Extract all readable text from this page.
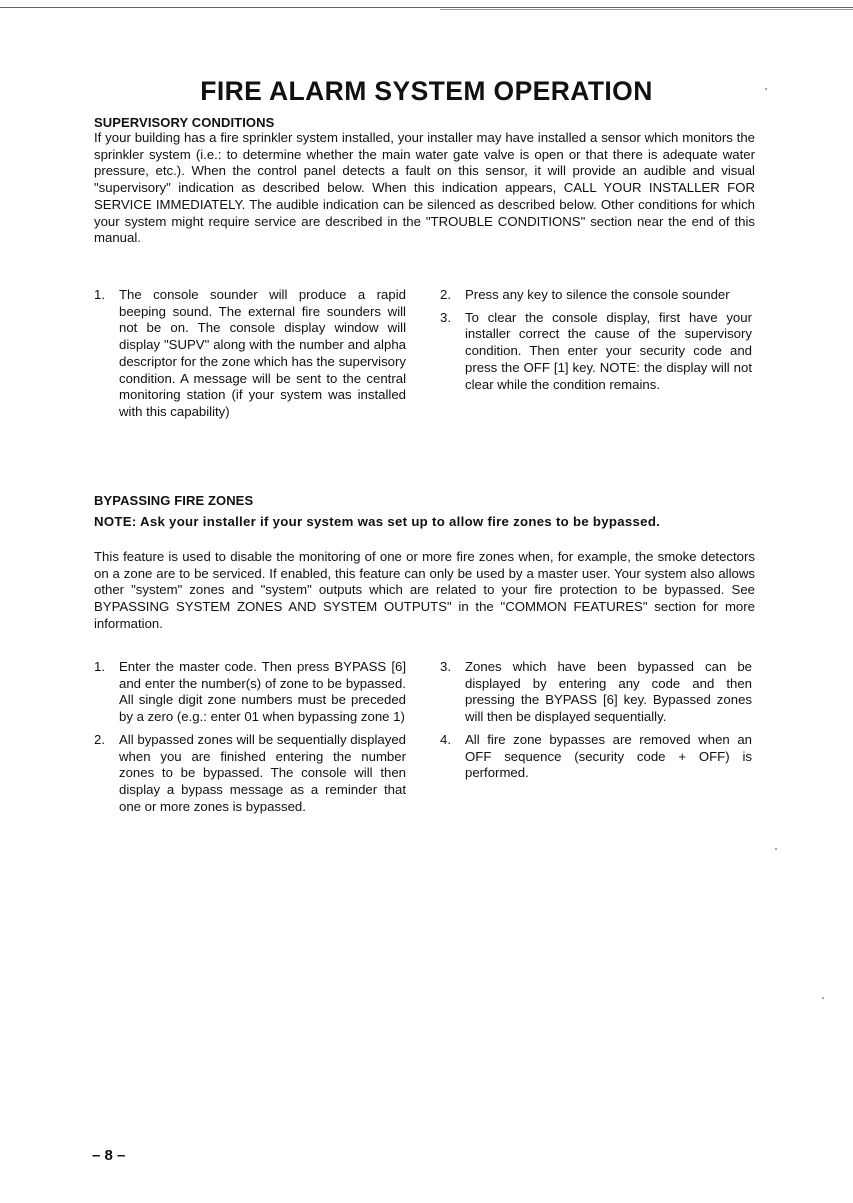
FIRE ALARM SYSTEM OPERATION
SUPERVISORY CONDITIONS

If your building has a fire sprinkler system installed, your installer may have installed a sensor which monitors the sprinkler system (i.e.: to determine whether the main water gate valve is open or that there is adequate water pressure, etc.). When the control panel detects a fault on this sensor, it will provide an audible and visual "supervisory" indication as described below. When this indication appears, CALL YOUR INSTALLER FOR SERVICE IMMEDIATELY. The audible indication can be silenced as described below. Other conditions for which your system might require service are described in the "TROUBLE CONDITIONS" section near the end of this manual.

1. The console sounder will produce a rapid beeping sound. The external fire sounders will not be on. The console display window will display "SUPV" along with the number and alpha descriptor for the zone which has the supervisory condition. A message will be sent to the central monitoring station (if your system was installed with this capability)
2. Press any key to silence the console sounder
3. To clear the console display, first have your installer correct the cause of the supervisory condition. Then enter your security code and press the OFF [1] key. NOTE: the display will not clear while the condition remains.
BYPASSING FIRE ZONES

NOTE: Ask your installer if your system was set up to allow fire zones to be bypassed.

This feature is used to disable the monitoring of one or more fire zones when, for example, the smoke detectors on a zone are to be serviced. If enabled, this feature can only be used by a master user. Your system also allows other "system" zones and "system" outputs which are related to your fire protection to be bypassed. See BYPASSING SYSTEM ZONES AND SYSTEM OUTPUTS" in the "COMMON FEATURES" section for more information.

1. Enter the master code. Then press BYPASS [6] and enter the number(s) of zone to be bypassed. All single digit zone numbers must be preceded by a zero (e.g.: enter 01 when bypassing zone 1)
2. All bypassed zones will be sequentially displayed when you are finished entering the number zones to be bypassed. The console will then display a bypass message as a reminder that one or more zones is bypassed.
3. Zones which have been bypassed can be displayed by entering any code and then pressing the BYPASS [6] key. Bypassed zones will then be displayed sequentially.
4. All fire zone bypasses are removed when an OFF sequence (security code + OFF) is performed.
– 8 –
